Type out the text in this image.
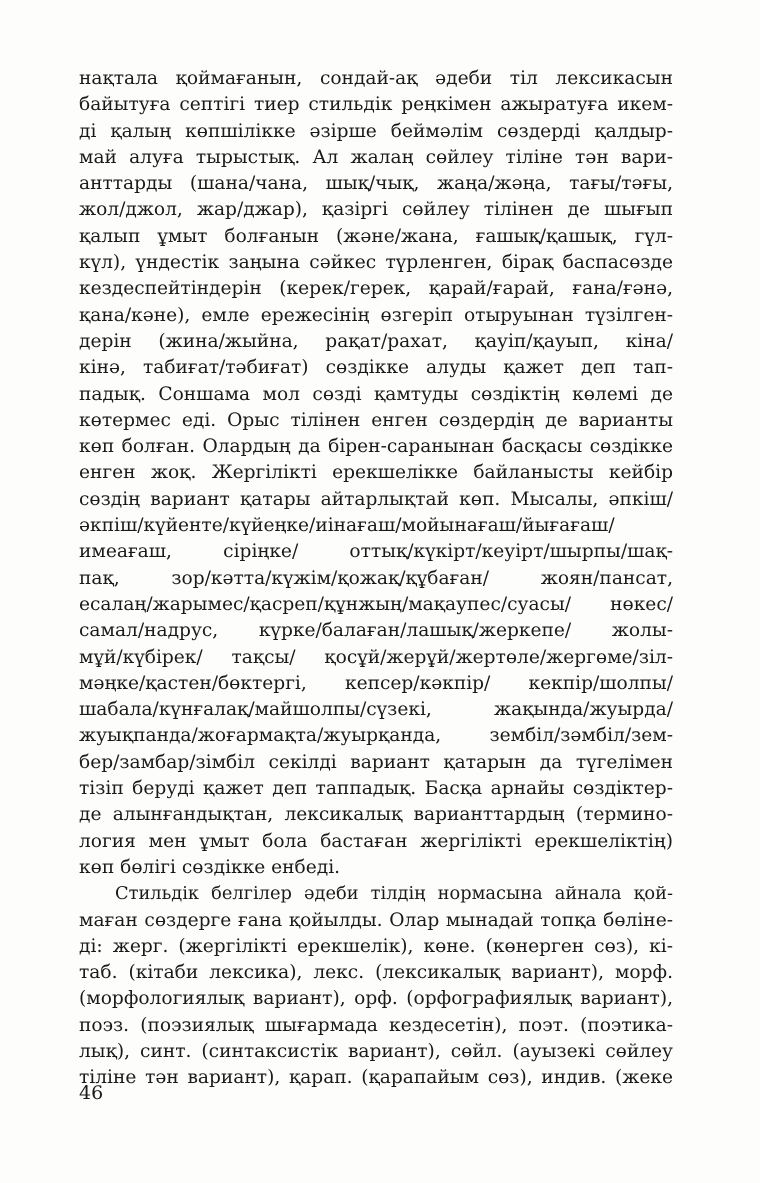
нақтала қоймағанын, сондай-ақ әдеби тіл лексикасын
байытуға септігі тиер стильдік реңкімен ажыратуға икем-
ді қалың көпшілікке әзірше беймәлім сөздерді қалдыр-
май алуға тырыстық. Ал жалаң сөйлеу тіліне тән вари-
анттарды (шана/чана, шық/чық, жаңа/жәңа, тағы/тәғы,
жол/джол, жар/джар), қазіргі сөйлеу тілінен де шығып
қалып ұмыт болғанын (және/жана, ғашық/қашық, гүл-
күл), үндестік заңына сәйкес түрленген, бірақ баспасөзде
кездеспейтіндерін (керек/герек, қарай/ғарай, ғана/ғәнә,
қана/кәне), емле ережесінің өзгеріп отыруынан түзілген-
дерін (жина/жыйна, рақат/рахат, қауіп/қауып, кіна/
кінә, табиғат/тәбиғат) сөздікке алуды қажет деп тап-
падық. Соншама мол сөзді қамтуды сөздіктің көлемі де
көтермес еді. Орыс тілінен енген сөздердің де варианты
көп болған. Олардың да бірен-саранынан басқасы сөздікке
енген жоқ. Жергілікті ерекшелікке байланысты кейбір
сөздің вариант қатары айтарлықтай көп. Мысалы, әпкіш/
әкпіш/күйенте/күйеңке/иінағаш/мойынағаш/йығағаш/
имеағаш, сіріңке/ оттық/күкірт/кеуірт/шырпы/шақ-
пақ, зор/кәтта/күжім/қожақ/құбаған/ жоян/пансат,
есалаң/жарымес/қасреп/құнжың/мақаупес/суасы/ нөкес/
самал/надрус, күрке/балаған/лашық/жеркепе/ жолы-
мұй/күбірек/ тақсы/ қосұй/жерұй/жертөле/жергөме/зіл-
мәңке/қастен/бөктергі, кепсер/кәкпір/ кекпір/шолпы/
шабала/күнғалақ/майшолпы/сүзекі, жақында/жуырда/
жуықпанда/жоғармақта/жуырқанда, зембіл/зәмбіл/зем-
бер/замбар/зімбіл секілді вариант қатарын да түгелімен
тізіп беруді қажет деп таппадық. Басқа арнайы сөздіктер-
де алынғандықтан, лексикалық варианттардың (термино-
логия мен ұмыт бола бастаған жергілікті ерекшеліктің)
көп бөлігі сөздікке енбеді.
Стильдік белгілер әдеби тілдің нормасына айнала қой-
маған сөздерге ғана қойылды. Олар мынадай топқа бөліне-
ді: жерг. (жергілікті ерекшелік), көне. (көнерген сөз), кі-
таб. (кітаби лексика), лекс. (лексикалық вариант), морф.
(морфологиялық вариант), орф. (орфографиялық вариант),
поэз. (поэзиялық шығармада кездесетін), поэт. (поэтика-
лық), синт. (синтаксистік вариант), сөйл. (ауызекі сөйлеу
тіліне тән вариант), қарап. (қарапайым сөз), индив. (жеке
46
